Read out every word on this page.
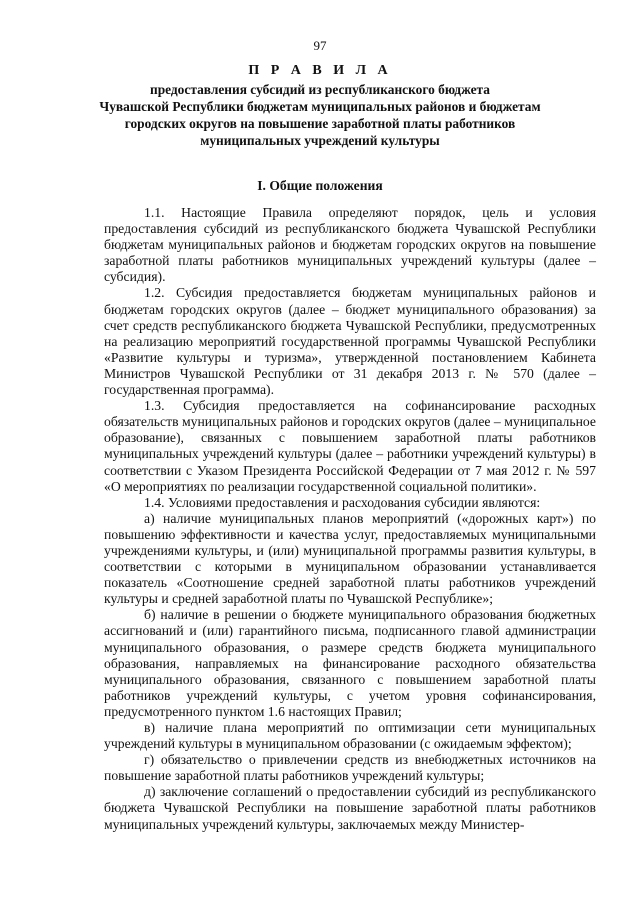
97
П Р А В И Л А
предоставления субсидий из республиканского бюджета
Чувашской Республики бюджетам муниципальных районов и бюджетам
городских округов на повышение заработной платы работников
муниципальных учреждений культуры
I. Общие положения

1.1. Настоящие Правила определяют порядок, цель и условия предоставления субсидий из республиканского бюджета Чувашской Республики бюджетам муниципальных районов и бюджетам городских округов на повышение заработной платы работников муниципальных учреждений культуры (далее – субсидия).

1.2. Субсидия предоставляется бюджетам муниципальных районов и бюджетам городских округов (далее – бюджет муниципального образования) за счет средств республиканского бюджета Чувашской Республики, предусмотренных на реализацию мероприятий государственной программы Чувашской Республики «Развитие культуры и туризма», утвержденной постановлением Кабинета Министров Чувашской Республики от 31 декабря 2013 г. № 570 (далее – государственная программа).

1.3. Субсидия предоставляется на софинансирование расходных обязательств муниципальных районов и городских округов (далее – муниципальное образование), связанных с повышением заработной платы работников муниципальных учреждений культуры (далее – работники учреждений культуры) в соответствии с Указом Президента Российской Федерации от 7 мая 2012 г. № 597 «О мероприятиях по реализации государственной социальной политики».

1.4. Условиями предоставления и расходования субсидии являются:

а) наличие муниципальных планов мероприятий («дорожных карт») по повышению эффективности и качества услуг, предоставляемых муниципальными учреждениями культуры, и (или) муниципальной программы развития культуры, в соответствии с которыми в муниципальном образовании устанавливается показатель «Соотношение средней заработной платы работников учреждений культуры и средней заработной платы по Чувашской Республике»;

б) наличие в решении о бюджете муниципального образования бюджетных ассигнований и (или) гарантийного письма, подписанного главой администрации муниципального образования, о размере средств бюджета муниципального образования, направляемых на финансирование расходного обязательства муниципального образования, связанного с повышением заработной платы работников учреждений культуры, с учетом уровня софинансирования, предусмотренного пунктом 1.6 настоящих Правил;

в) наличие плана мероприятий по оптимизации сети муниципальных учреждений культуры в муниципальном образовании (с ожидаемым эффектом);

г) обязательство о привлечении средств из внебюджетных источников на повышение заработной платы работников учреждений культуры;

д) заключение соглашений о предоставлении субсидий из республиканского бюджета Чувашской Республики на повышение заработной платы работников муниципальных учреждений культуры, заключаемых между Министер-
